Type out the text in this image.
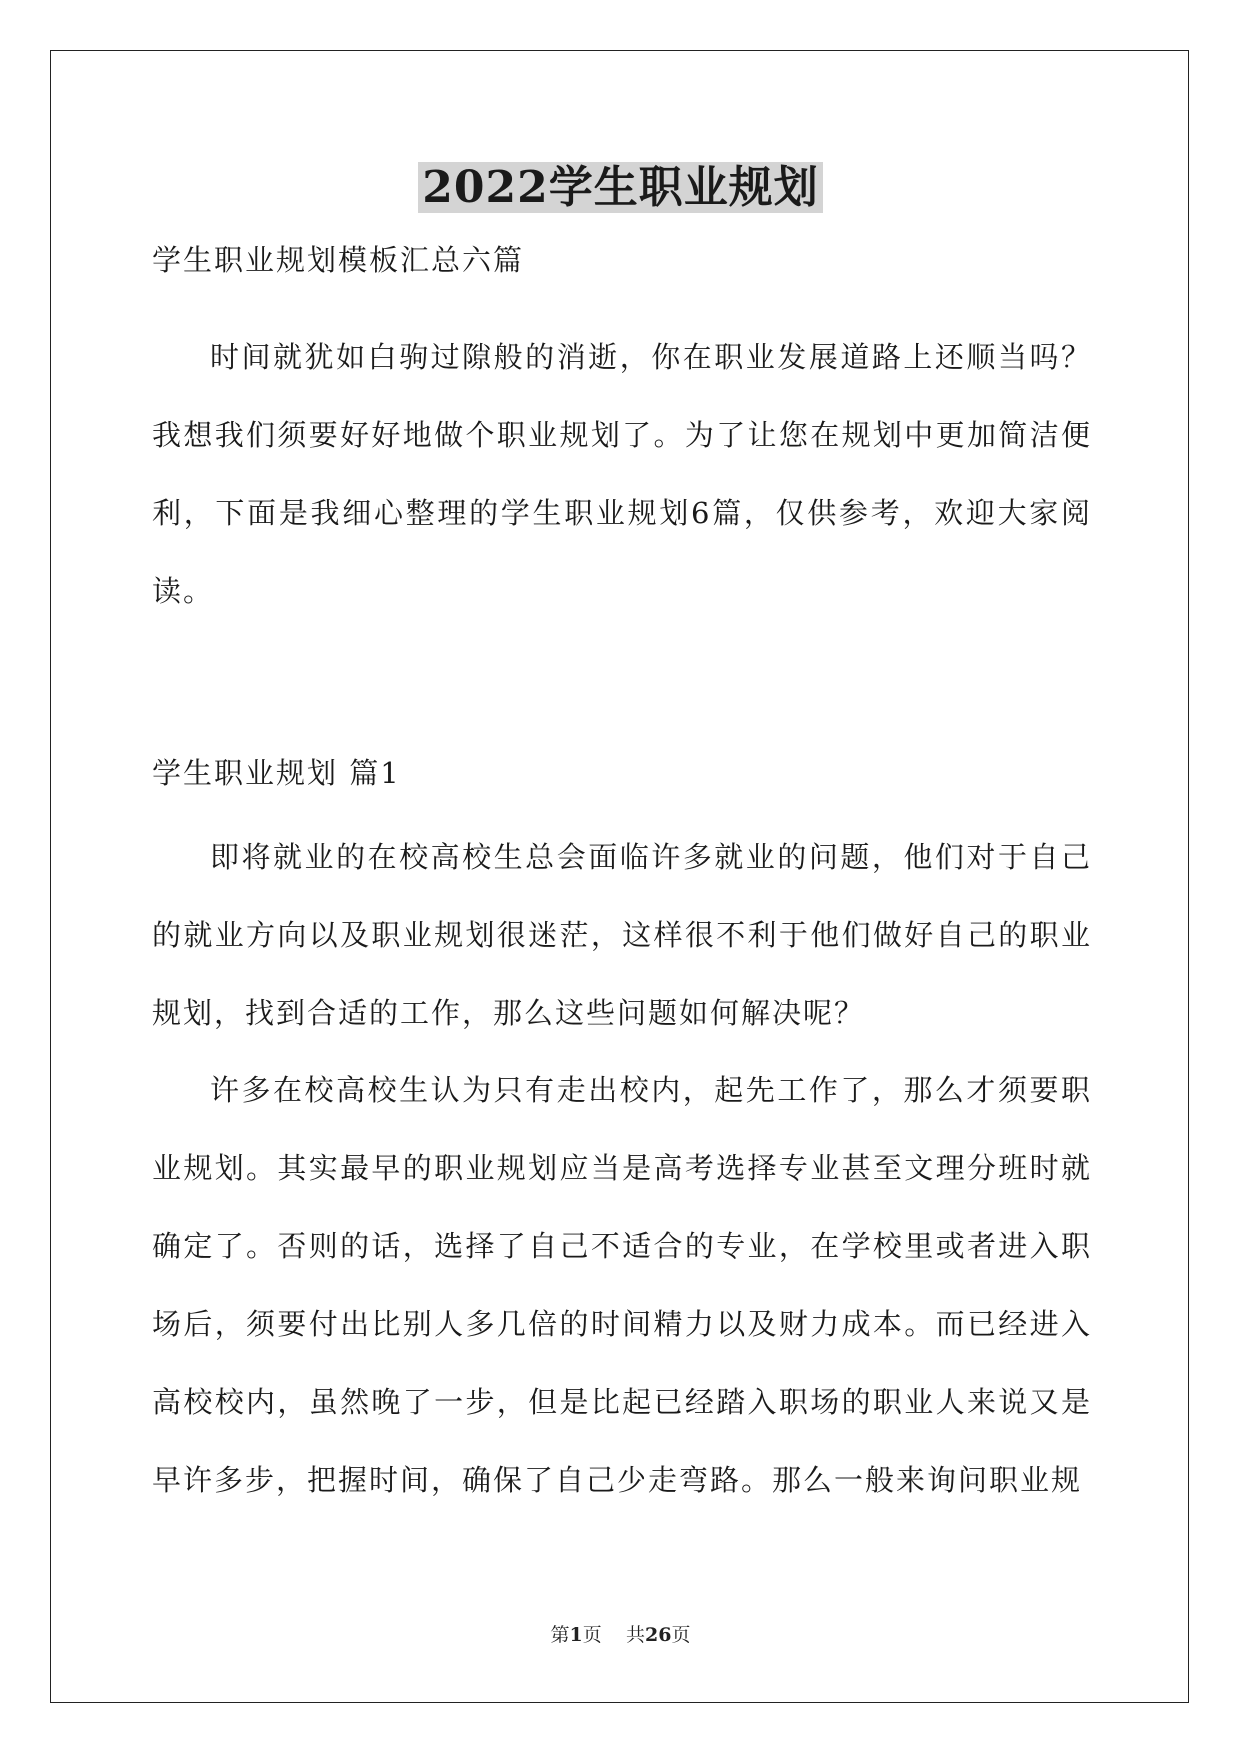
2022学生职业规划

学生职业规划模板汇总六篇

时间就犹如白驹过隙般的消逝，你在职业发展道路上还顺当吗？我想我们须要好好地做个职业规划了。为了让您在规划中更加简洁便利，下面是我细心整理的学生职业规划6篇，仅供参考，欢迎大家阅读。

学生职业规划 篇1

即将就业的在校高校生总会面临许多就业的问题，他们对于自己的就业方向以及职业规划很迷茫，这样很不利于他们做好自己的职业规划，找到合适的工作，那么这些问题如何解决呢？

许多在校高校生认为只有走出校内，起先工作了，那么才须要职业规划。其实最早的职业规划应当是高考选择专业甚至文理分班时就确定了。否则的话，选择了自己不适合的专业，在学校里或者进入职场后，须要付出比别人多几倍的时间精力以及财力成本。而已经进入高校校内，虽然晚了一步，但是比起已经踏入职场的职业人来说又是早许多步，把握时间，确保了自己少走弯路。那么一般来询问职业规

第1页 共26页
